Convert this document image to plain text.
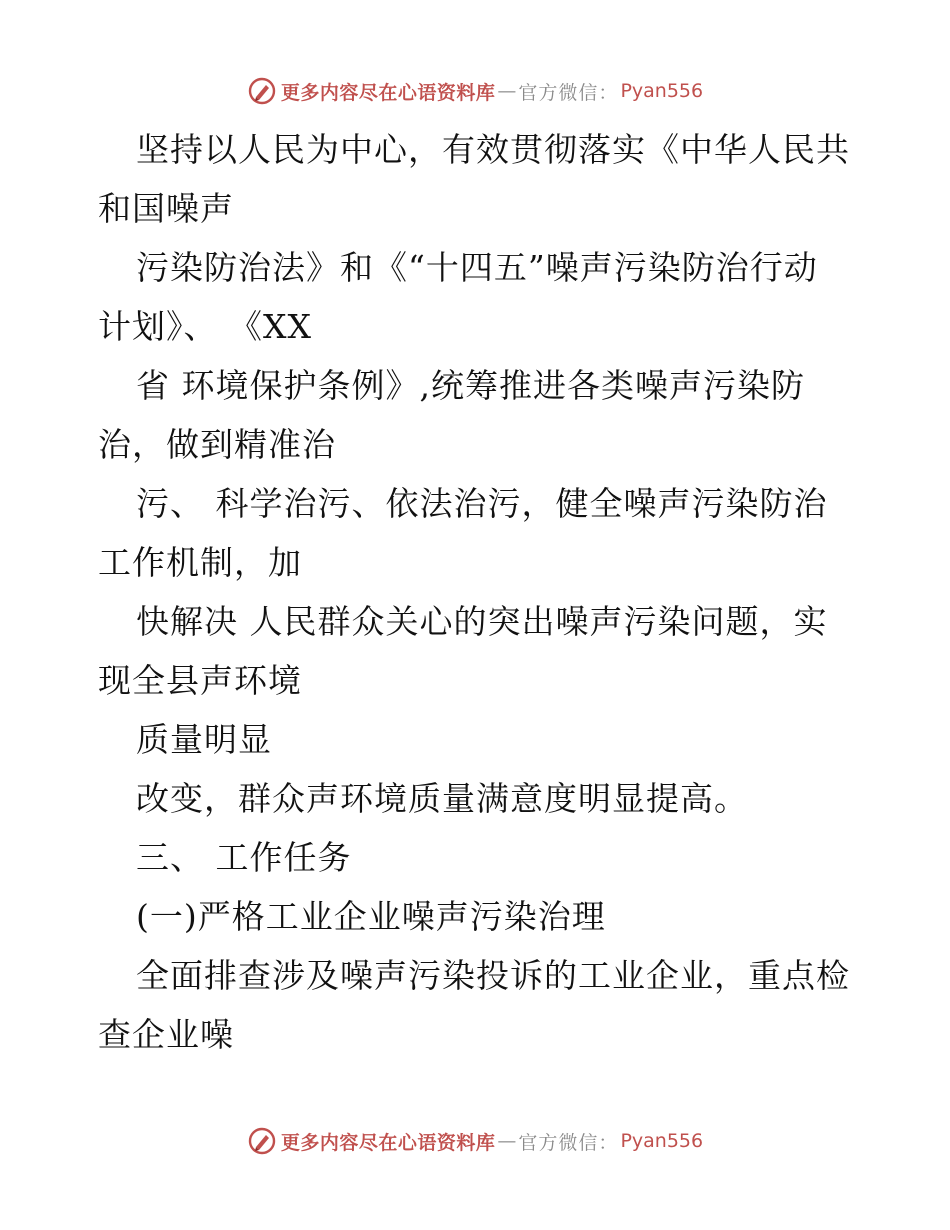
更多内容尽在心语资料库 — 官方微信： Pyan556
坚持以人民为中心，有效贯彻落实《中华人民共
和国噪声
污染防治法》和《“十四五”噪声污染防治行动
计划》、 《XX
省 环境保护条例》,统筹推进各类噪声污染防
治，做到精准治
污、 科学治污、依法治污，健全噪声污染防治
工作机制，加
快解决 人民群众关心的突出噪声污染问题，实
现全县声环境
质量明显
改变，群众声环境质量满意度明显提高。
三、 工作任务
(一)严格工业企业噪声污染治理
全面排查涉及噪声污染投诉的工业企业，重点检
查企业噪
更多内容尽在心语资料库 — 官方微信： Pyan556
